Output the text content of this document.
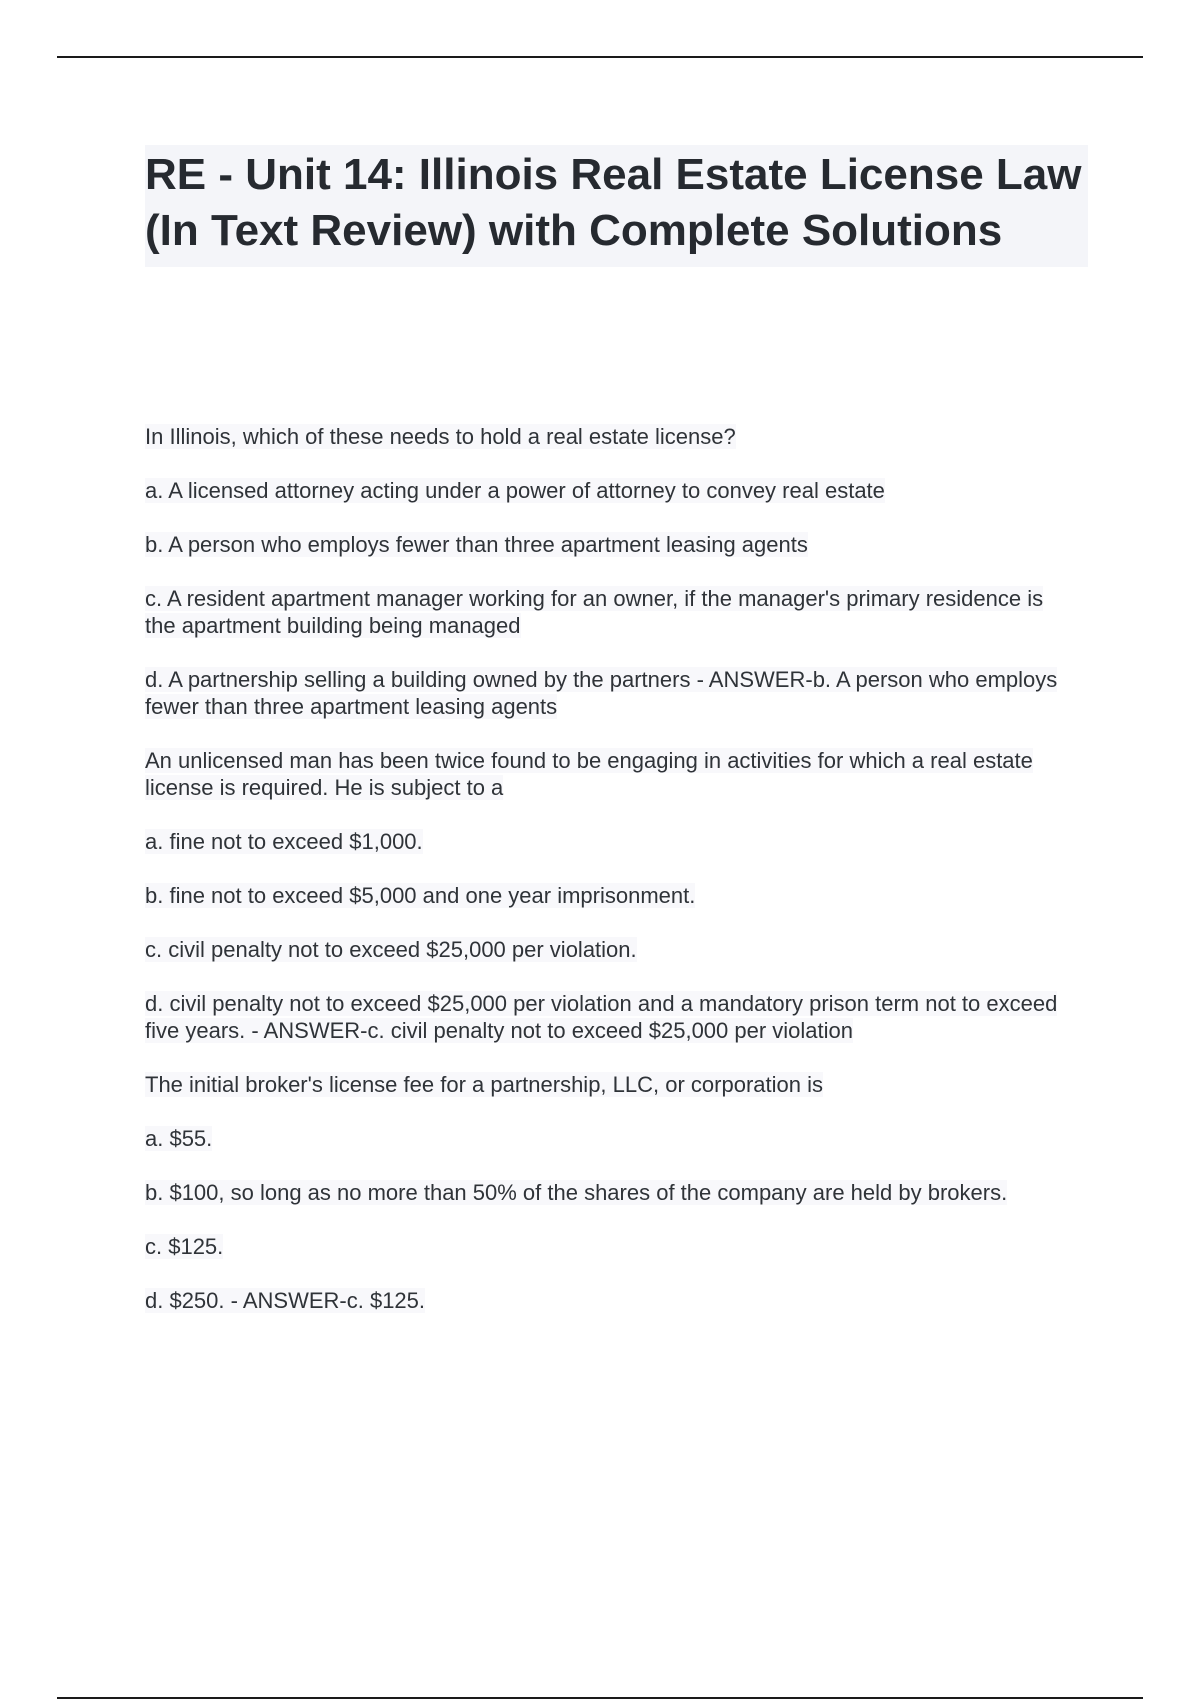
RE - Unit 14: Illinois Real Estate License Law (In Text Review) with Complete Solutions

In Illinois, which of these needs to hold a real estate license?

a. A licensed attorney acting under a power of attorney to convey real estate

b. A person who employs fewer than three apartment leasing agents

c. A resident apartment manager working for an owner, if the manager's primary residence is the apartment building being managed

d. A partnership selling a building owned by the partners - ANSWER-b. A person who employs fewer than three apartment leasing agents

An unlicensed man has been twice found to be engaging in activities for which a real estate license is required. He is subject to a

a. fine not to exceed $1,000.

b. fine not to exceed $5,000 and one year imprisonment.

c. civil penalty not to exceed $25,000 per violation.

d. civil penalty not to exceed $25,000 per violation and a mandatory prison term not to exceed five years. - ANSWER-c. civil penalty not to exceed $25,000 per violation

The initial broker's license fee for a partnership, LLC, or corporation is

a. $55.

b. $100, so long as no more than 50% of the shares of the company are held by brokers.

c. $125.

d. $250. - ANSWER-c. $125.
